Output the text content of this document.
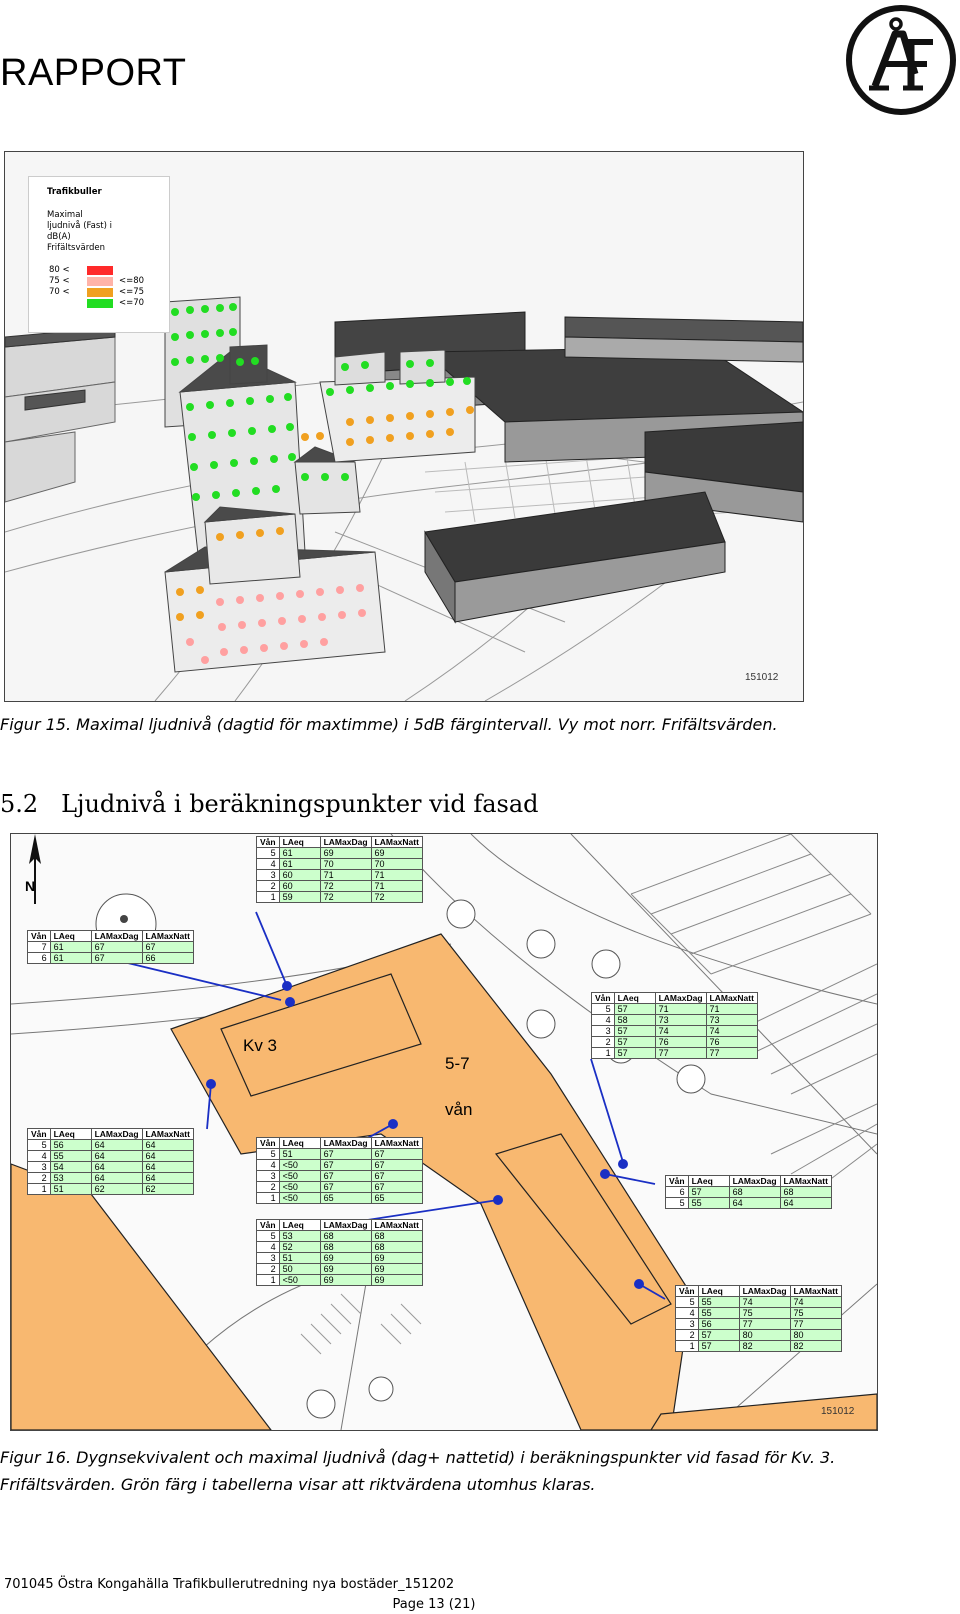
RAPPORT
Trafikbuller
Maximal
ljudnivå (Fast) i
dB(A)
Frifältsvärden
80 <
75 <
70 <
<=80
<=75
<=70
151012
Figur 15. Maximal ljudnivå (dagtid för maxtimme) i 5dB färgintervall. Vy mot norr. Frifältsvärden.
5.2 Ljudnivå i beräkningspunkter vid fasad
N
Kv 3
5-7
vån
151012
Vån	LAeq	LAMaxDag	LAMaxNatt
5	61	69	69
4	61	70	70
3	60	71	71
2	60	72	71
1	59	72	72
Vån	LAeq	LAMaxDag	LAMaxNatt
7	61	67	67
6	61	67	66
Vån	LAeq	LAMaxDag	LAMaxNatt
5	57	71	71
4	58	73	73
3	57	74	74
2	57	76	76
1	57	77	77
Vån	LAeq	LAMaxDag	LAMaxNatt
5	56	64	64
4	55	64	64
3	54	64	64
2	53	64	64
1	51	62	62
Vån	LAeq	LAMaxDag	LAMaxNatt
5	51	67	67
4	<50	67	67
3	<50	67	67
2	<50	67	67
1	<50	65	65
Vån	LAeq	LAMaxDag	LAMaxNatt
6	57	68	68
5	55	64	64
Vån	LAeq	LAMaxDag	LAMaxNatt
5	53	68	68
4	52	68	68
3	51	69	69
2	50	69	69
1	<50	69	69
Vån	LAeq	LAMaxDag	LAMaxNatt
5	55	74	74
4	55	75	75
3	56	77	77
2	57	80	80
1	57	82	82
Figur 16. Dygnsekvivalent och maximal ljudnivå (dag+ nattetid) i beräkningspunkter vid fasad för Kv. 3. Frifältsvärden. Grön färg i tabellerna visar att riktvärdena utomhus klaras.
701045 Östra Kongahälla Trafikbullerutredning nya bostäder_151202
Page 13 (21)
